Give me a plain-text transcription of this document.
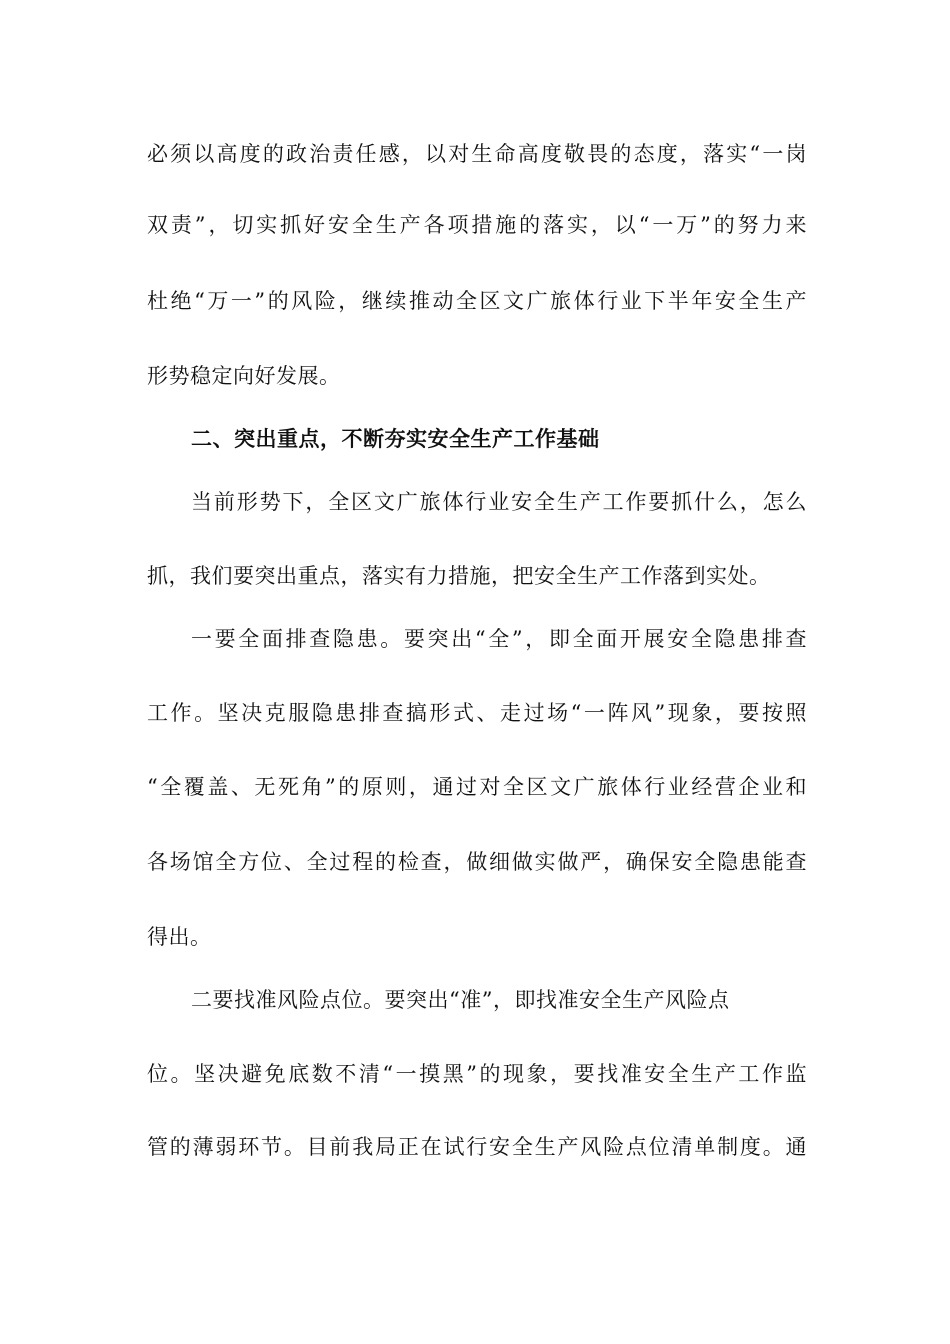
必须以高度的政治责任感，以对生命高度敬畏的态度，落实“一岗
双责”，切实抓好安全生产各项措施的落实，以“一万”的努力来
杜绝“万一”的风险，继续推动全区文广旅体行业下半年安全生产
形势稳定向好发展。
二、突出重点，不断夯实安全生产工作基础
当前形势下，全区文广旅体行业安全生产工作要抓什么，怎么
抓，我们要突出重点，落实有力措施，把安全生产工作落到实处。
一要全面排查隐患。要突出“全”，即全面开展安全隐患排查
工作。坚决克服隐患排查搞形式、走过场“一阵风”现象，要按照
“全覆盖、无死角”的原则，通过对全区文广旅体行业经营企业和
各场馆全方位、全过程的检查，做细做实做严，确保安全隐患能查
得出。
二要找准风险点位。要突出“准”，即找准安全生产风险点
位。坚决避免底数不清“一摸黑”的现象，要找准安全生产工作监
管的薄弱环节。目前我局正在试行安全生产风险点位清单制度。通
